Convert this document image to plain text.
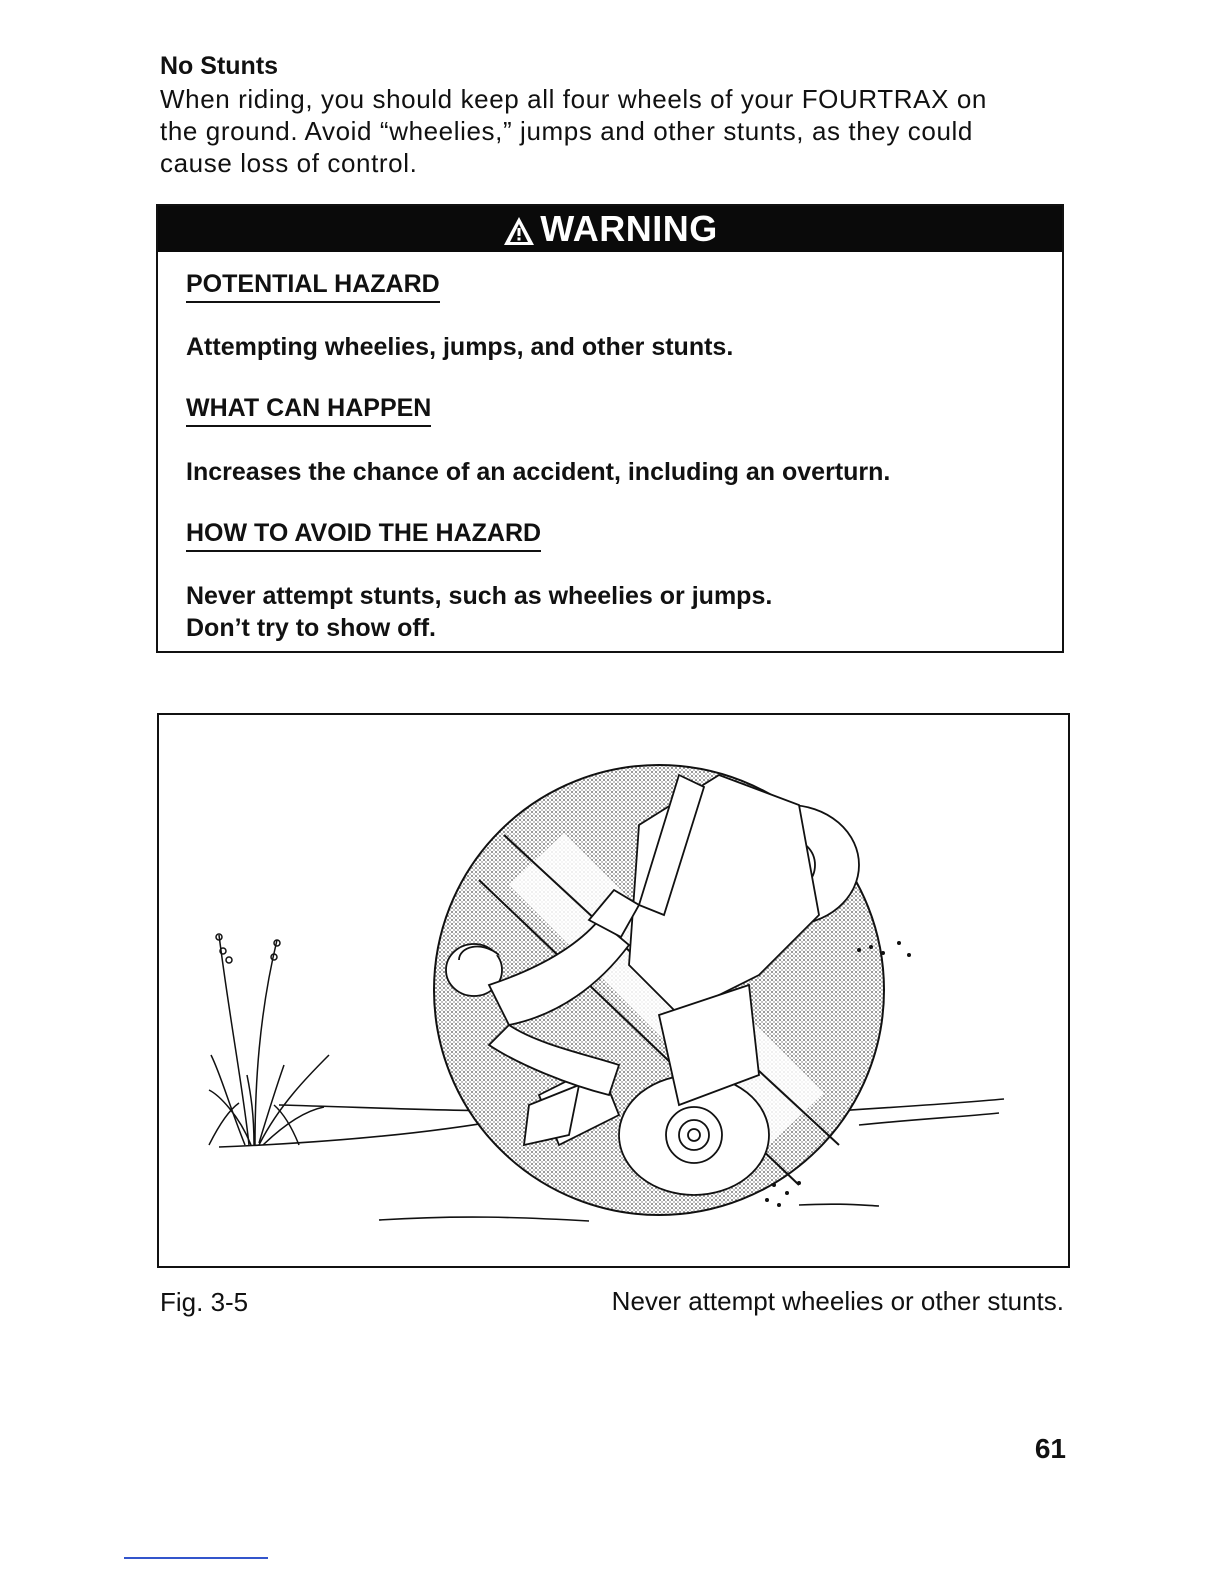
No Stunts
When riding, you should keep all four wheels of your FOURTRAX on
the ground. Avoid “wheelies,” jumps and other stunts, as they could
cause loss of control.
WARNING

POTENTIAL HAZARD

Attempting wheelies, jumps, and other stunts.

WHAT CAN HAPPEN

Increases the chance of an accident, including an overturn.

HOW TO AVOID THE HAZARD

Never attempt stunts, such as wheelies or jumps.

Don’t try to show off.

Fig. 3-5	Never attempt wheelies or other stunts.

61
